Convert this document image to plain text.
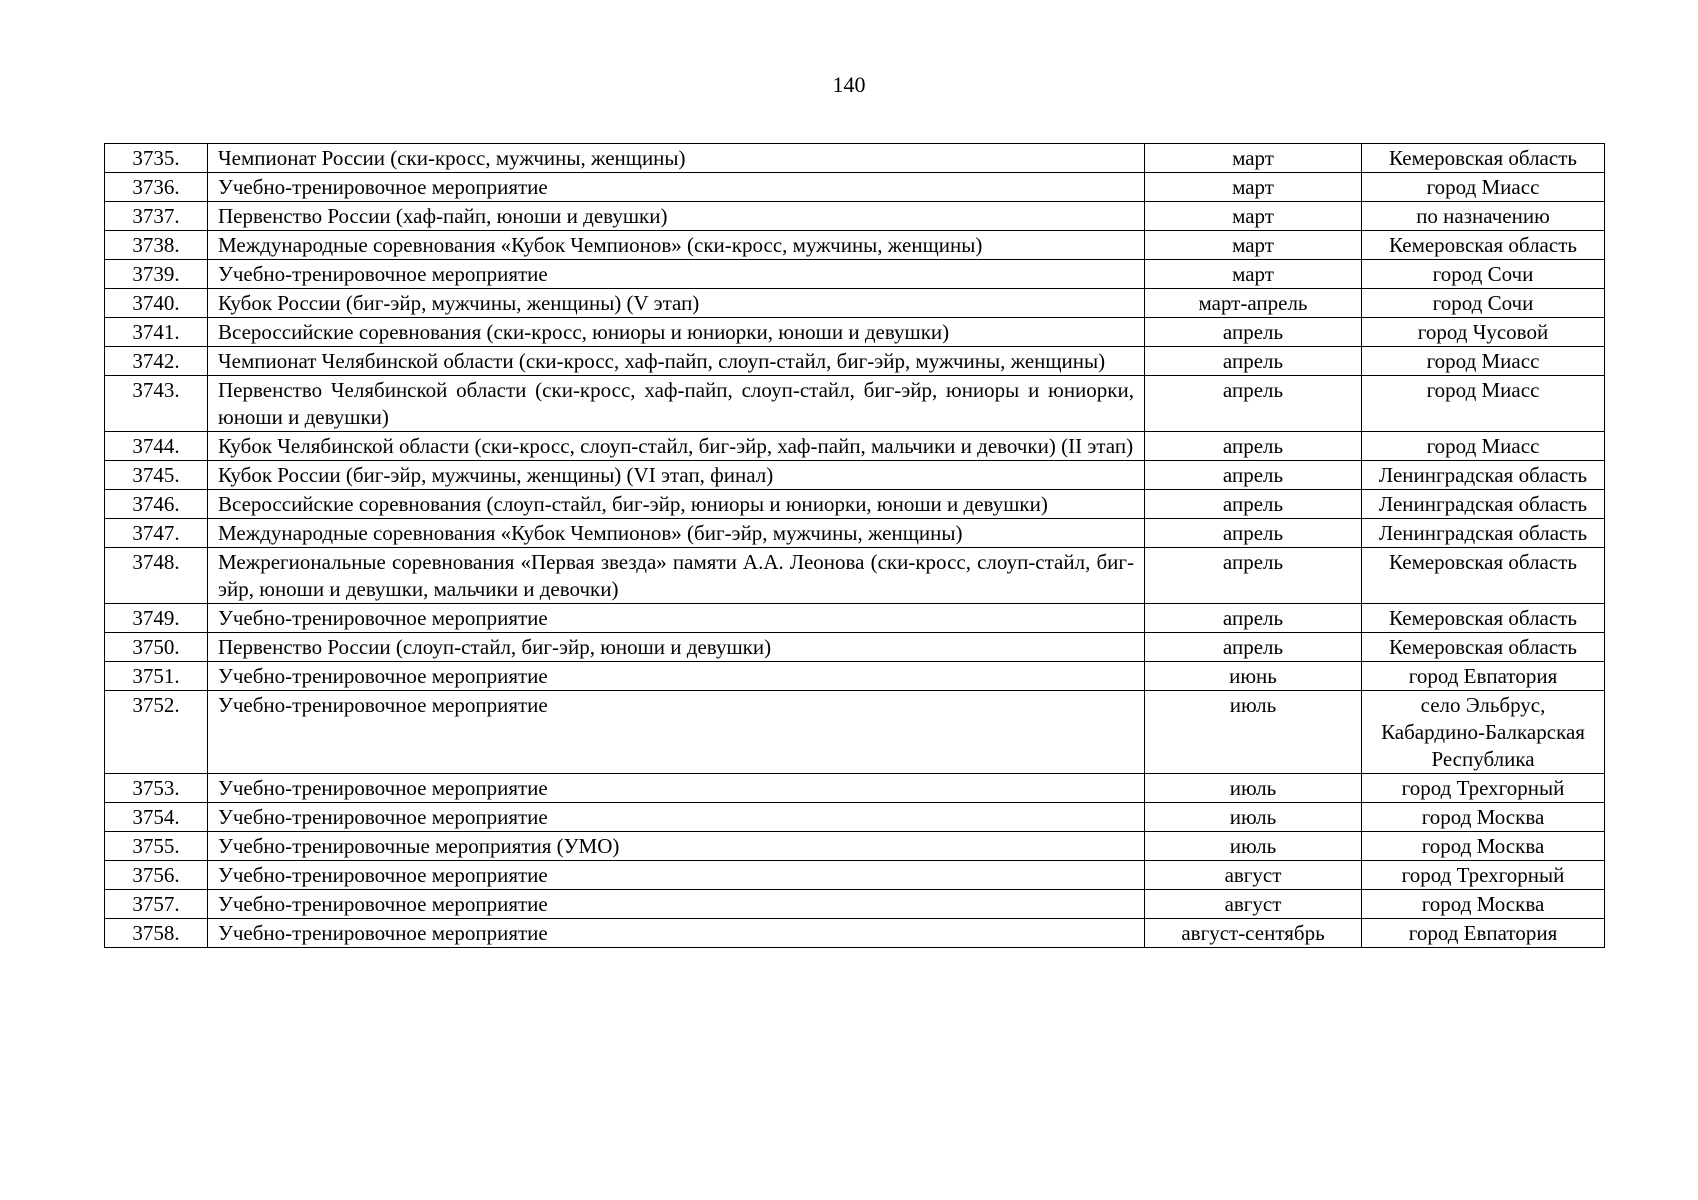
140
3735.	Чемпионат России (ски-кросс, мужчины, женщины)	март	Кемеровская область
3736.	Учебно-тренировочное мероприятие	март	город Миасс
3737.	Первенство России (хаф-пайп, юноши и девушки)	март	по назначению
3738.	Международные соревнования «Кубок Чемпионов» (ски-кросс, мужчины, женщины)	март	Кемеровская область
3739.	Учебно-тренировочное мероприятие	март	город Сочи
3740.	Кубок России (биг-эйр, мужчины, женщины) (V этап)	март-апрель	город Сочи
3741.	Всероссийские соревнования (ски-кросс, юниоры и юниорки, юноши и девушки)	апрель	город Чусовой
3742.	Чемпионат Челябинской области (ски-кросс, хаф-пайп, слоуп-стайл, биг-эйр, мужчины, женщины)	апрель	город Миасс
3743.	Первенство Челябинской области (ски-кросс, хаф-пайп, слоуп-стайл, биг-эйр, юниоры и юниорки, юноши и девушки)	апрель	город Миасс
3744.	Кубок Челябинской области (ски-кросс, слоуп-стайл, биг-эйр, хаф-пайп, мальчики и девочки) (II этап)	апрель	город Миасс
3745.	Кубок России (биг-эйр, мужчины, женщины) (VI этап, финал)	апрель	Ленинградская область
3746.	Всероссийские соревнования (слоуп-стайл, биг-эйр, юниоры и юниорки, юноши и девушки)	апрель	Ленинградская область
3747.	Международные соревнования «Кубок Чемпионов» (биг-эйр, мужчины, женщины)	апрель	Ленинградская область
3748.	Межрегиональные соревнования «Первая звезда» памяти А.А. Леонова (ски-кросс, слоуп-стайл, биг-эйр, юноши и девушки, мальчики и девочки)	апрель	Кемеровская область
3749.	Учебно-тренировочное мероприятие	апрель	Кемеровская область
3750.	Первенство России (слоуп-стайл, биг-эйр, юноши и девушки)	апрель	Кемеровская область
3751.	Учебно-тренировочное мероприятие	июнь	город Евпатория
3752.	Учебно-тренировочное мероприятие	июль	село Эльбрус, Кабардино-Балкарская Республика
3753.	Учебно-тренировочное мероприятие	июль	город Трехгорный
3754.	Учебно-тренировочное мероприятие	июль	город Москва
3755.	Учебно-тренировочные мероприятия (УМО)	июль	город Москва
3756.	Учебно-тренировочное мероприятие	август	город Трехгорный
3757.	Учебно-тренировочное мероприятие	август	город Москва
3758.	Учебно-тренировочное мероприятие	август-сентябрь	город Евпатория
